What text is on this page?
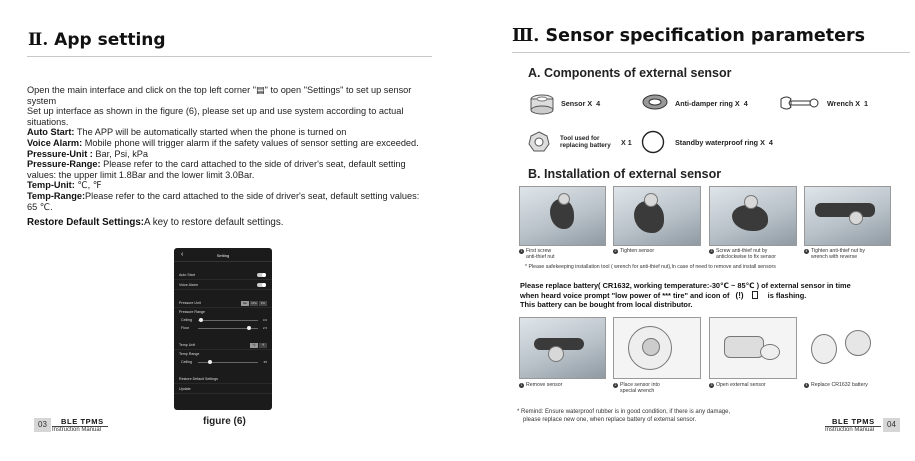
Ⅱ. App setting

Open the main interface and click on the top left corner "▤" to open "Settings" to set up sensor system

Set up interface as shown in the figure (6), please set up and use system according to actual situations.

Auto Start: The APP will be automatically started when the phone is turned on

Voice Alarm: Mobile phone will trigger alarm if the safety values of sensor setting are exceeded.

Pressure-Unit : Bar, Psi, kPa

Pressure-Range: Please refer to the card attached to the side of driver's seat, default setting values: the upper limit 1.8Bar and the lower limit 3.0Bar.

Temp-Unit: ℃, ℉

Temp-Range:Please refer to the card attached to the side of driver's seat, default setting values: 65 ℃.

Restore Default Settings:A key to restore default settings.

‹	Setting
Auto Start
Voice Alarm
Pressure Unit	bar	kPa	Psi
Pressure Range
Ceiling	3.0
Floor	2.5
Temp Unit	℃	℉
Temp Range
Ceiling	65
Restore Default Settings
Update
figure (6)
03	BLE TPMS
Instruction Manual
Ⅲ. Sensor specification parameters
A. Components of external sensor
Sensor X 4	Anti-damper ring X 4	Wrench X 1
Tool used for
replacing battery X 1	Standby waterproof ring X 4
B. Installation of external sensor
1 First screw
anti-thief nut
2 Tighten sensor	3 Screw anti-thief nut by
anticlockwise to fix sensor
4 Tighten anti-thief nut by
wrench with reverse
* Please safekeeping installation tool ( wrench for anti-thief nut),In case of need to remove and install sensors
Please replace battery( CR1632, working temperature:-30℃ ~ 85℃ ) of external sensor in time
when heard voice prompt "low power of *** tire" and icon of (!)	is flashing.
This battery can be bought from local distributor.
1 Remove sensor	2 Place sensor into
special wrench
3 Open external sensor	4 Replace CR1632 battery
* Remind: Ensure waterproof rubber is in good condition, if there is any damage,
please replace new one, when replace battery of external sensor.	BLE TPMS
Instruction Manual
04
